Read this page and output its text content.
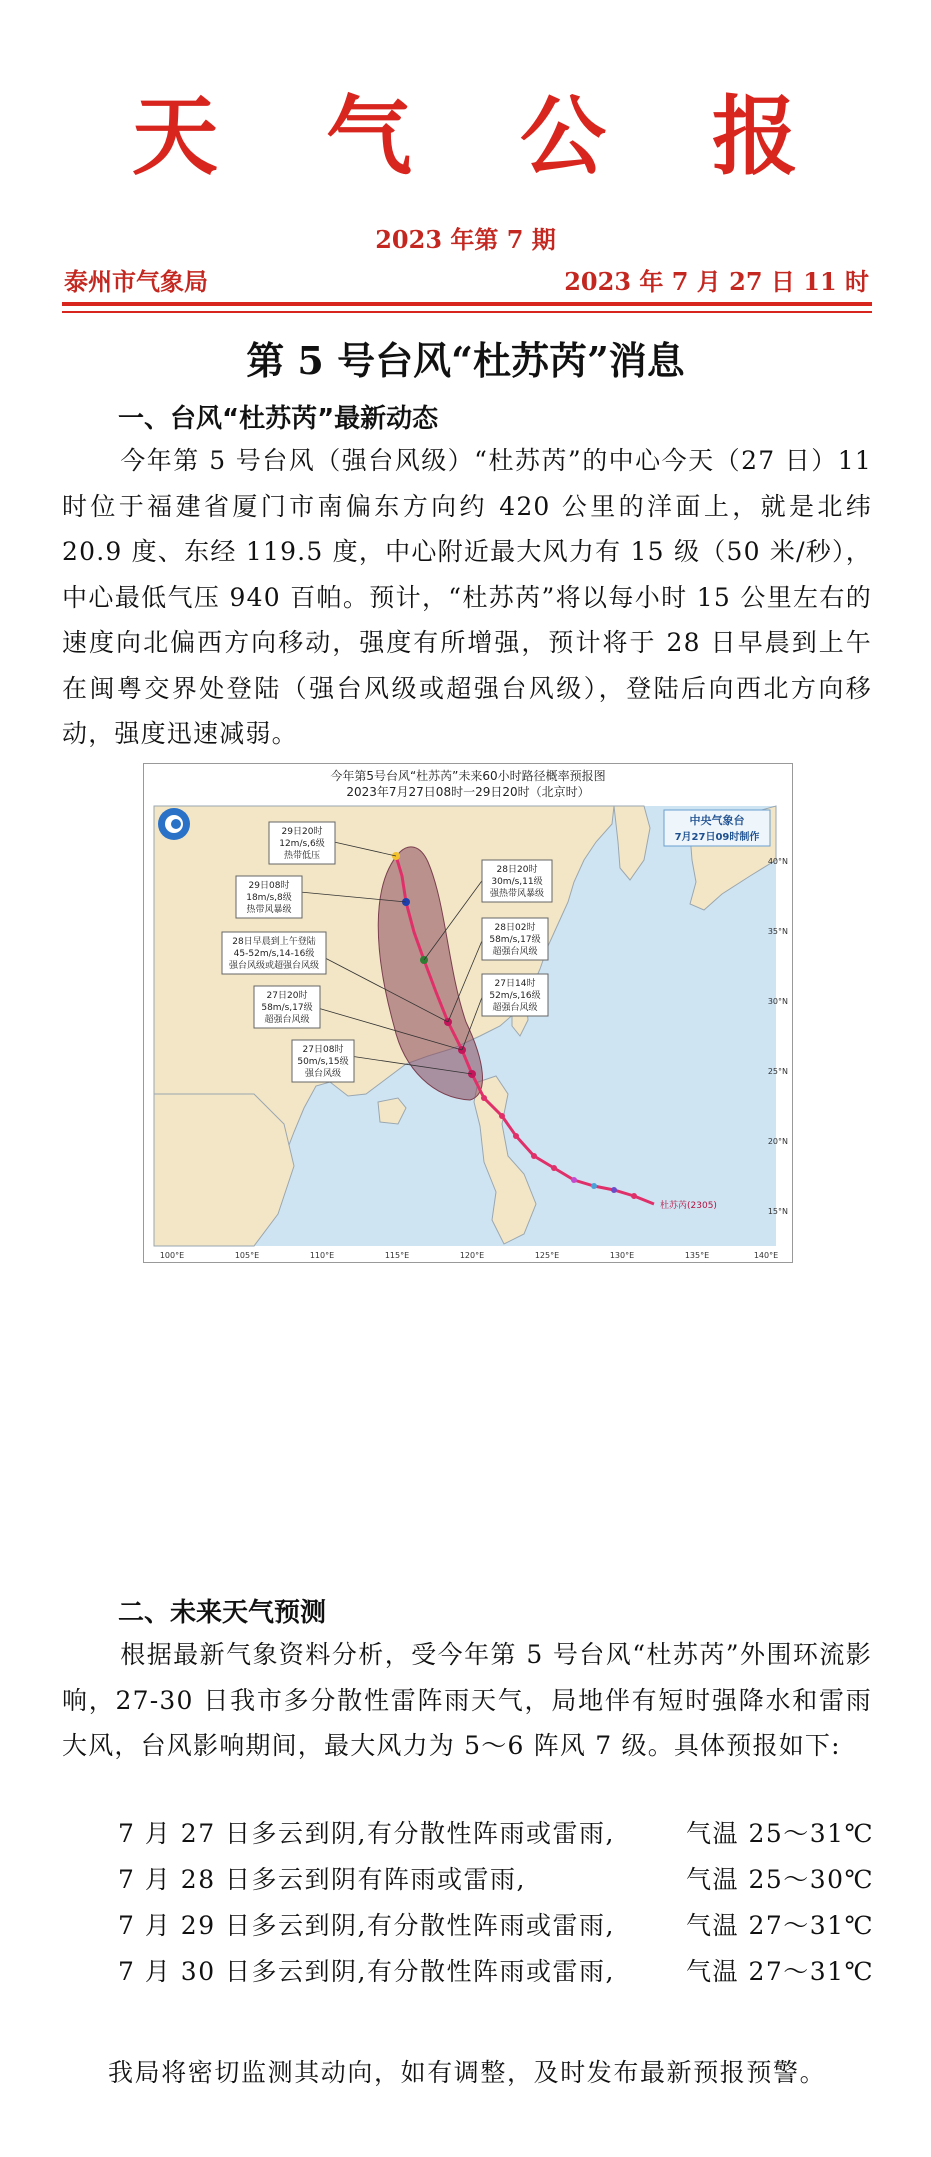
天 气 公 报
2023 年第 7 期
泰州市气象局	2023 年 7 月 27 日 11 时
第 5 号台风“杜苏芮”消息
一、台风“杜苏芮”最新动态
今年第 5 号台风（强台风级）“杜苏芮”的中心今天（27 日）11 时位于福建省厦门市南偏东方向约 420 公里的洋面上，就是北纬 20.9 度、东经 119.5 度，中心附近最大风力有 15 级（50 米/秒），中心最低气压 940 百帕。预计，“杜苏芮”将以每小时 15 公里左右的速度向北偏西方向移动，强度有所增强，预计将于 28 日早晨到上午在闽粤交界处登陆（强台风级或超强台风级），登陆后向西北方向移动，强度迅速减弱。
今年第5号台风“杜苏芮”未来60小时路径概率预报图
2023年7月27日08时一29日20时（北京时）
中央气象台
7月27日09时制作
29日20时
12m/s,6级
热带低压
29日08时
18m/s,8级
热带风暴级
28日早晨到上午登陆
45-52m/s,14-16级
强台风级或超强台风级
27日20时
58m/s,17级
超强台风级
27日08时
50m/s,15级
强台风级
28日20时
30m/s,11级
强热带风暴级
28日02时
58m/s,17级
超强台风级
27日14时
52m/s,16级
超强台风级
杜苏芮(2305)
100°E	105°E	110°E	115°E	120°E	125°E	130°E	135°E	140°E
40°N
35°N
30°N
25°N
20°N
15°N
二、未来天气预测
根据最新气象资料分析，受今年第 5 号台风“杜苏芮”外围环流影响，27-30 日我市多分散性雷阵雨天气，局地伴有短时强降水和雷雨大风，台风影响期间，最大风力为 5～6 阵风 7 级。具体预报如下:
7 月 27 日多云到阴,有分散性阵雨或雷雨,	气温 25～31℃
7 月 28 日多云到阴有阵雨或雷雨,	气温 25～30℃
7 月 29 日多云到阴,有分散性阵雨或雷雨,	气温 27～31℃
7 月 30 日多云到阴,有分散性阵雨或雷雨,	气温 27～31℃
我局将密切监测其动向，如有调整，及时发布最新预报预警。
